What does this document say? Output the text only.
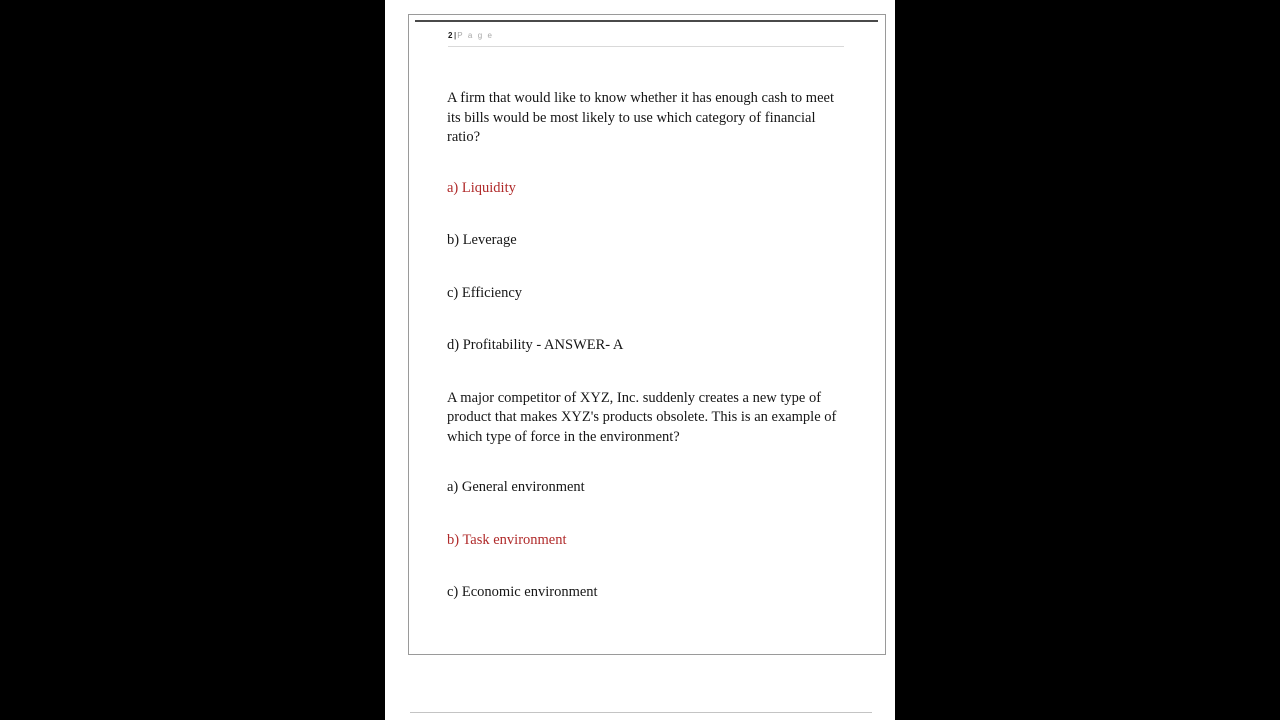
2|P a g e

A firm that would like to know whether it has enough cash to meet its bills would be most likely to use which category of financial ratio?

a) Liquidity

b) Leverage

c) Efficiency

d) Profitability - ANSWER- A

A major competitor of XYZ, Inc. suddenly creates a new type of product that makes XYZ's products obsolete. This is an example of which type of force in the environment?

a) General environment

b) Task environment

c) Economic environment
